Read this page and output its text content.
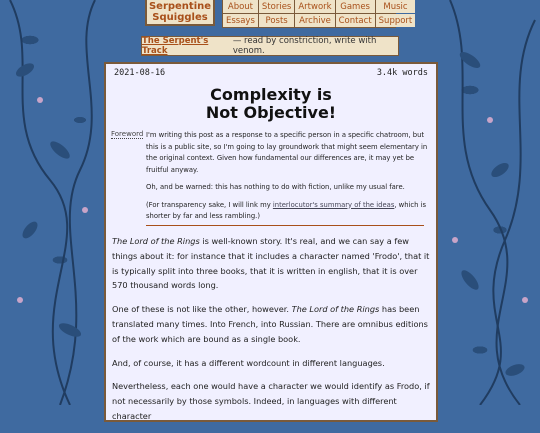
Serpentine
Squiggles
About	Stories Artwork	Games	Music
Essays	Posts	Archive Contact Support
The Serpent's Track
— read by constriction, write with venom.
2021-08-16	3.4k words
Complexity is
Not Objective!
Foreword I'm writing this post as a response to a specific person in a specific chatroom, but this is a public site, so I'm going to lay groundwork that might seem elementary in the original context. Given how fundamental our differences are, it may yet be fruitful anyway.

Oh, and be warned: this has nothing to do with fiction, unlike my usual fare.

(For transparency sake, I will link my interlocutor's summary of the ideas, which is shorter by far and less rambling.)

The Lord of the Rings is well-known story. It's real, and we can say a few things about it: for instance that it includes a character named 'Frodo', that it is typically split into three books, that it is written in english, that it is over 570 thousand words long.

One of these is not like the other, however. The Lord of the Rings has been translated many times. Into French, into Russian. There are omnibus editions of the work which are bound as a single book.

And, of course, it has a different wordcount in different languages.

Nevertheless, each one would have a character we would identify as Frodo, if not necessarily by those symbols. Indeed, in languages with different character
